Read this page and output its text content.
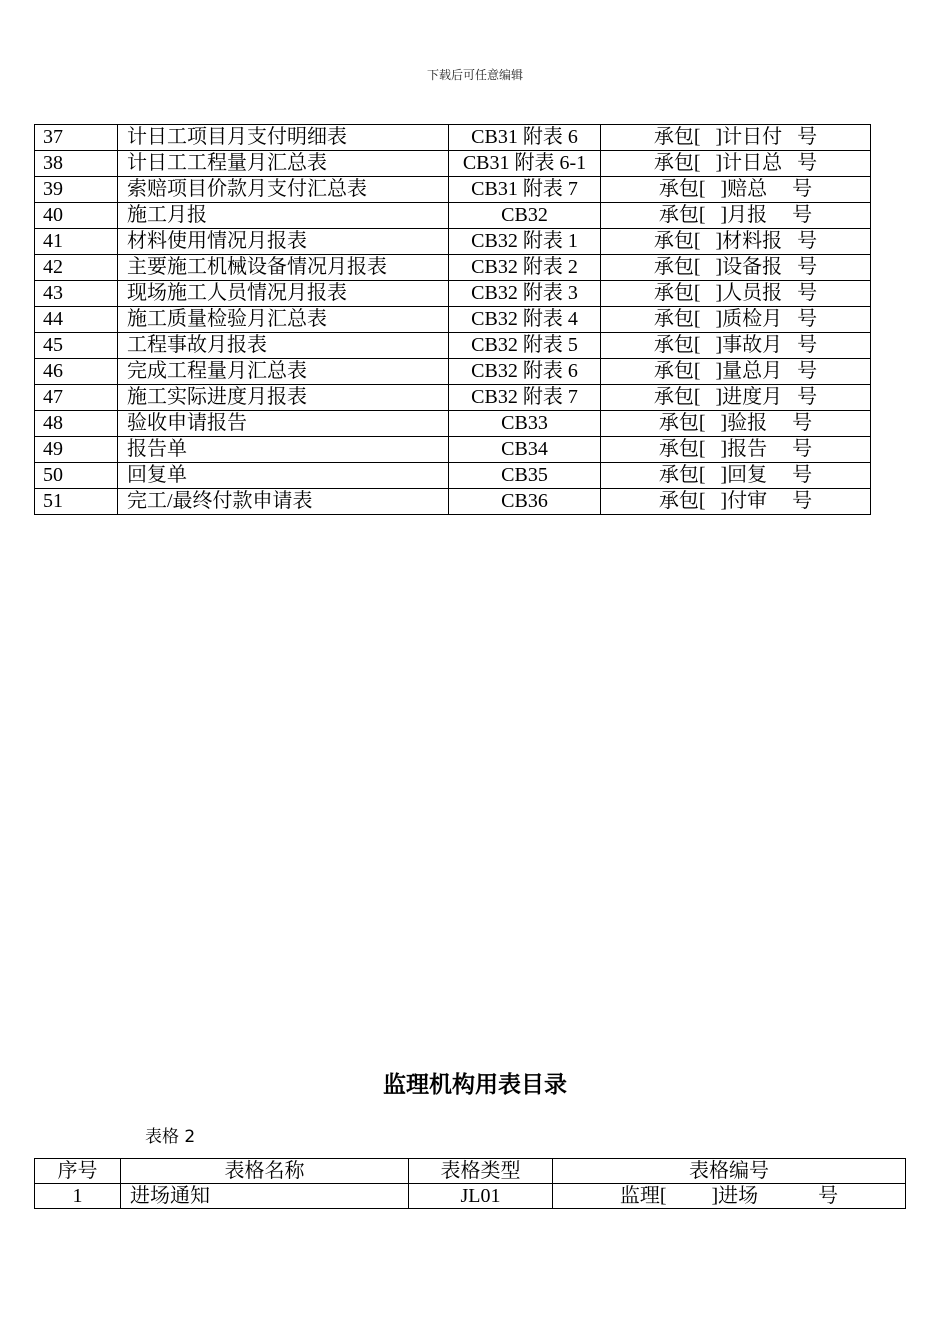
下载后可任意编辑
37	计日工项目月支付明细表	CB31 附表 6	承包[   ]计日付   号
38	计日工工程量月汇总表	CB31 附表 6-1	承包[   ]计日总   号
39	索赔项目价款月支付汇总表	CB31 附表 7	承包[   ]赔总     号
40	施工月报	CB32	承包[   ]月报     号
41	材料使用情况月报表	CB32 附表 1	承包[   ]材料报   号
42	主要施工机械设备情况月报表	CB32 附表 2	承包[   ]设备报   号
43	现场施工人员情况月报表	CB32 附表 3	承包[   ]人员报   号
44	施工质量检验月汇总表	CB32 附表 4	承包[   ]质检月   号
45	工程事故月报表	CB32 附表 5	承包[   ]事故月   号
46	完成工程量月汇总表	CB32 附表 6	承包[   ]量总月   号
47	施工实际进度月报表	CB32 附表 7	承包[   ]进度月   号
48	验收申请报告	CB33	承包[   ]验报     号
49	报告单	CB34	承包[   ]报告     号
50	回复单	CB35	承包[   ]回复     号
51	完工/最终付款申请表	CB36	承包[   ]付审     号
监理机构用表目录
表格 2
序号	表格名称	表格类型	表格编号
1	进场通知	JL01	监理[         ]进场            号
